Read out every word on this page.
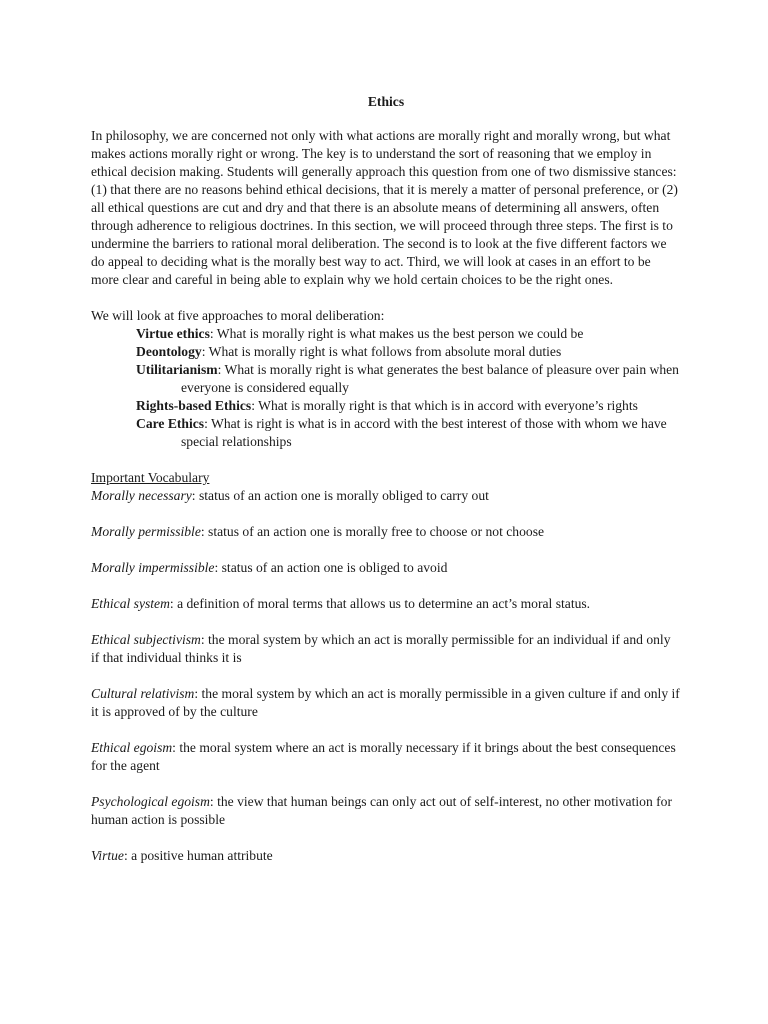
Ethics

In philosophy, we are concerned not only with what actions are morally right and morally wrong, but what makes actions morally right or wrong. The key is to understand the sort of reasoning that we employ in ethical decision making. Students will generally approach this question from one of two dismissive stances: (1) that there are no reasons behind ethical decisions, that it is merely a matter of personal preference, or (2) all ethical questions are cut and dry and that there is an absolute means of determining all answers, often through adherence to religious doctrines. In this section, we will proceed through three steps. The first is to undermine the barriers to rational moral deliberation. The second is to look at the five different factors we do appeal to deciding what is the morally best way to act. Third, we will look at cases in an effort to be more clear and careful in being able to explain why we hold certain choices to be the right ones.

We will look at five approaches to moral deliberation:

Virtue ethics: What is morally right is what makes us the best person we could be
Deontology: What is morally right is what follows from absolute moral duties
Utilitarianism: What is morally right is what generates the best balance of pleasure over pain when everyone is considered equally
Rights-based Ethics: What is morally right is that which is in accord with everyone’s rights
Care Ethics: What is right is what is in accord with the best interest of those with whom we have special relationships
Important Vocabulary
Morally necessary: status of an action one is morally obliged to carry out
Morally permissible: status of an action one is morally free to choose or not choose
Morally impermissible: status of an action one is obliged to avoid
Ethical system: a definition of moral terms that allows us to determine an act’s moral status.
Ethical subjectivism: the moral system by which an act is morally permissible for an individual if and only if that individual thinks it is
Cultural relativism: the moral system by which an act is morally permissible in a given culture if and only if it is approved of by the culture
Ethical egoism: the moral system where an act is morally necessary if it brings about the best consequences for the agent
Psychological egoism: the view that human beings can only act out of self-interest, no other motivation for human action is possible
Virtue: a positive human attribute
